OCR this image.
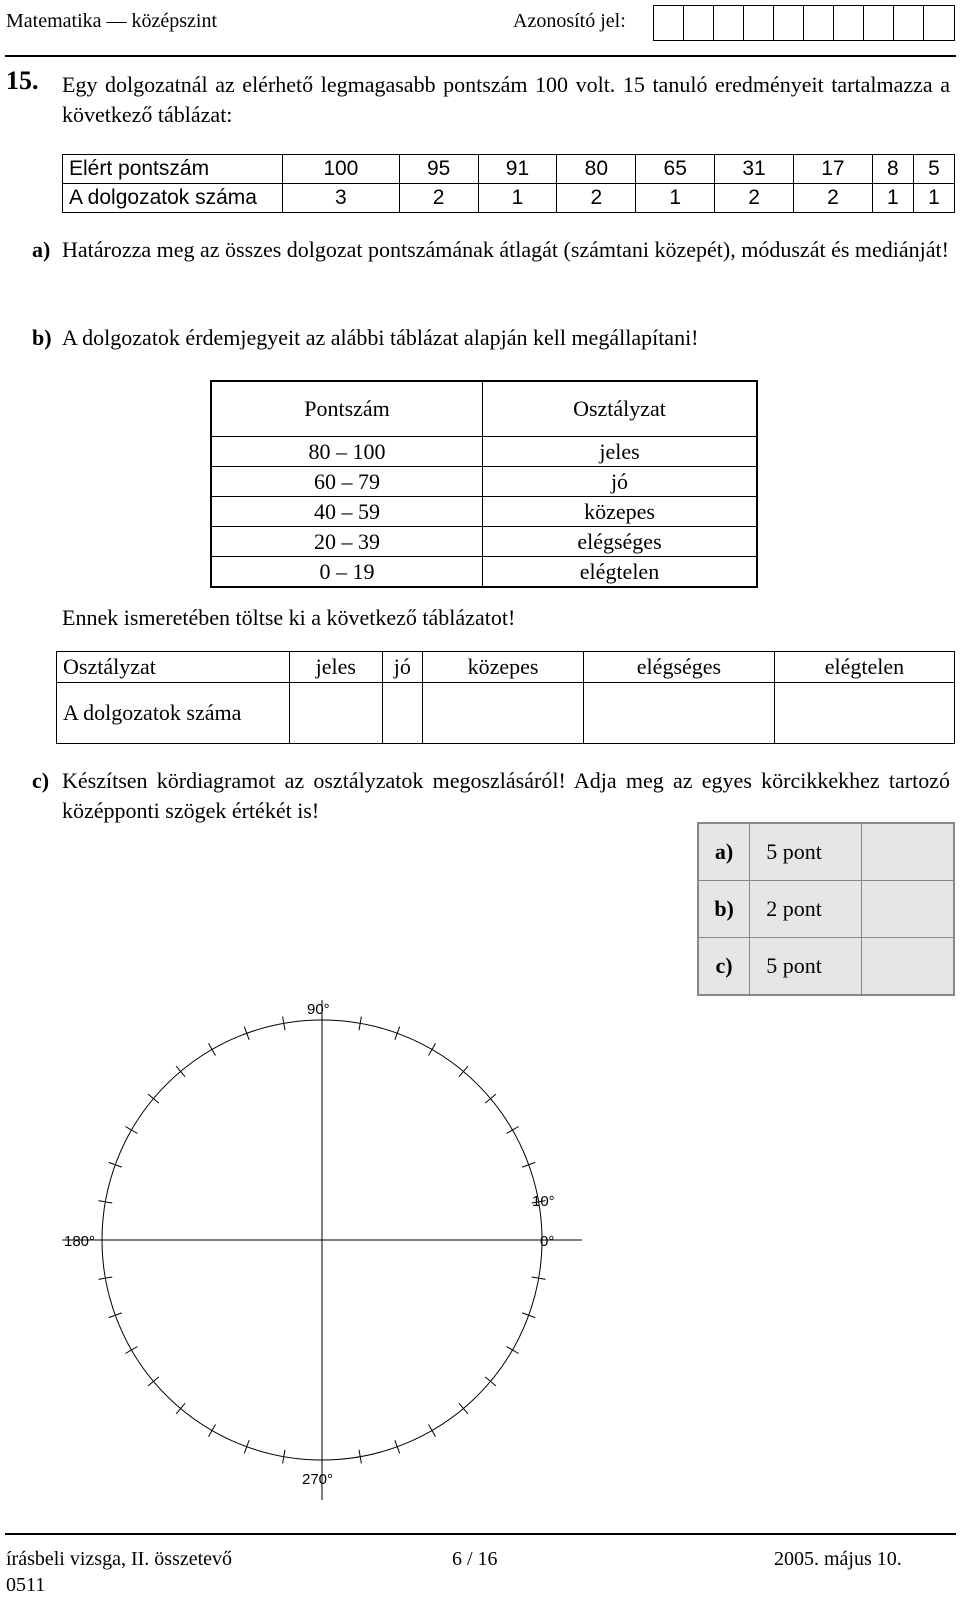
Matematika — középszint	Azonosító jel:
15. Egy dolgozatnál az elérhető legmagasabb pontszám 100 volt. 15 tanuló eredményeit tartalmazza a következő táblázat:
Elért pontszám	100	95	91	80	65	31	17	8	5
A dolgozatok száma	3	2	1	2	1	2	2	1	1
a) Határozza meg az összes dolgozat pontszámának átlagát (számtani közepét), móduszát és mediánját!
b) A dolgozatok érdemjegyeit az alábbi táblázat alapján kell megállapítani!
Pontszám	Osztályzat
80 – 100	jeles
60 – 79	jó
40 – 59	közepes
20 – 39	elégséges
0 – 19	elégtelen
Ennek ismeretében töltse ki a következő táblázatot!
Osztályzat	jeles	jó	közepes	elégséges	elégtelen
A dolgozatok száma					
c) Készítsen kördiagramot az osztályzatok megoszlásáról! Adja meg az egyes körcikkekhez tartozó középponti szögek értékét is!
a)	5 pont	
b)	2 pont	
c)	5 pont	
90°
180°	0°
10°
270°
írásbeli vizsga, II. összetevő	6 / 16	2005. május 10.
0511
